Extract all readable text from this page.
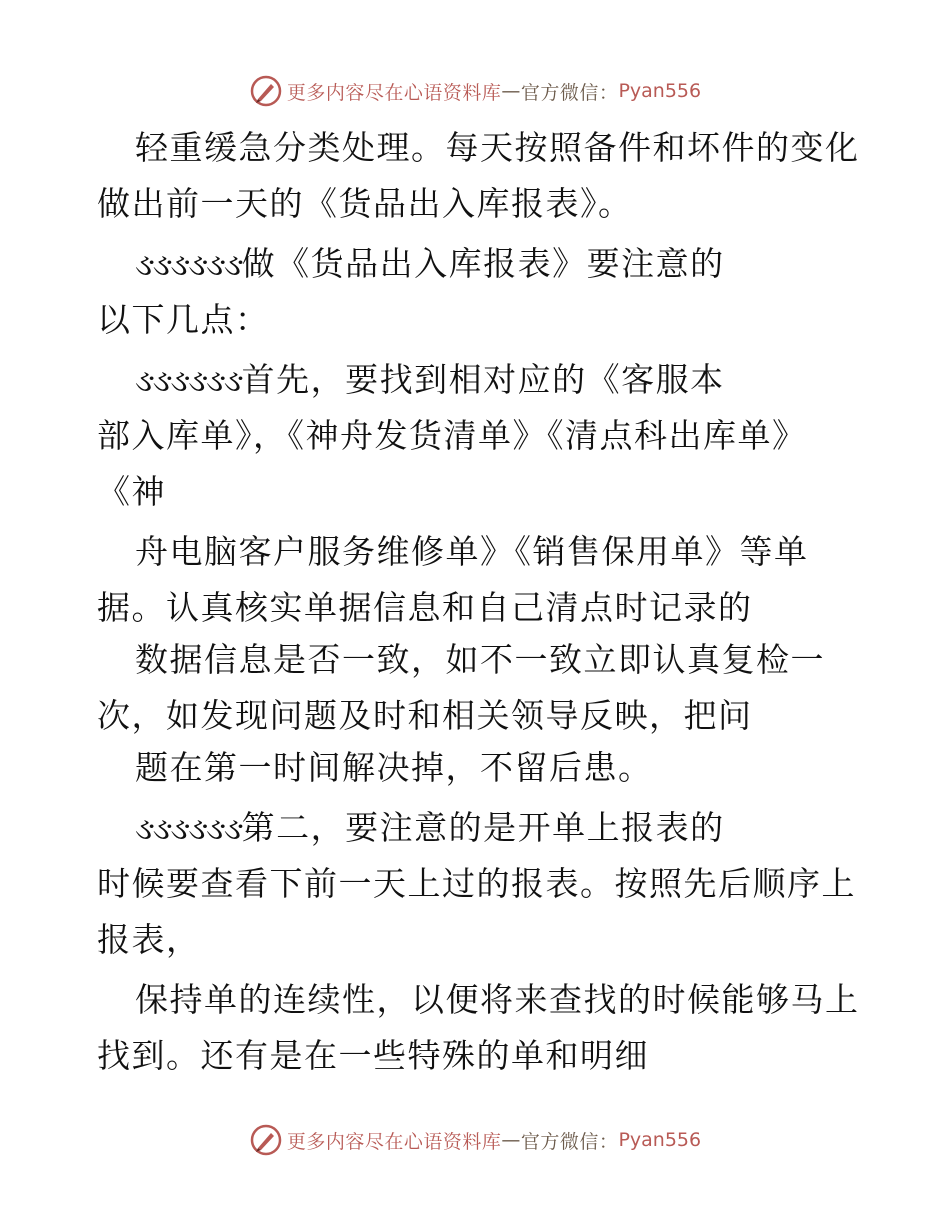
更多内容尽在心语资料库 — 官方微信： Pyan556
轻重缓急分类处理。每天按照备件和坏件的变化
做出前一天的《货品出入库报表》。
ઙઙઙઙઙઙ做《货品出入库报表》要注意的
以下几点：
ઙઙઙઙઙઙ首先，要找到相对应的《客服本
部入库单》，《神舟发货清单》《清点科出库单》
《神
舟电脑客户服务维修单》《销售保用单》等单
据。认真核实单据信息和自己清点时记录的
数据信息是否一致，如不一致立即认真复检一
次，如发现问题及时和相关领导反映，把问
题在第一时间解决掉，不留后患。
ઙઙઙઙઙઙ第二，要注意的是开单上报表的
时候要查看下前一天上过的报表。按照先后顺序上
报表，
保持单的连续性，以便将来查找的时候能够马上
找到。还有是在一些特殊的单和明细
更多内容尽在心语资料库 — 官方微信： Pyan556
